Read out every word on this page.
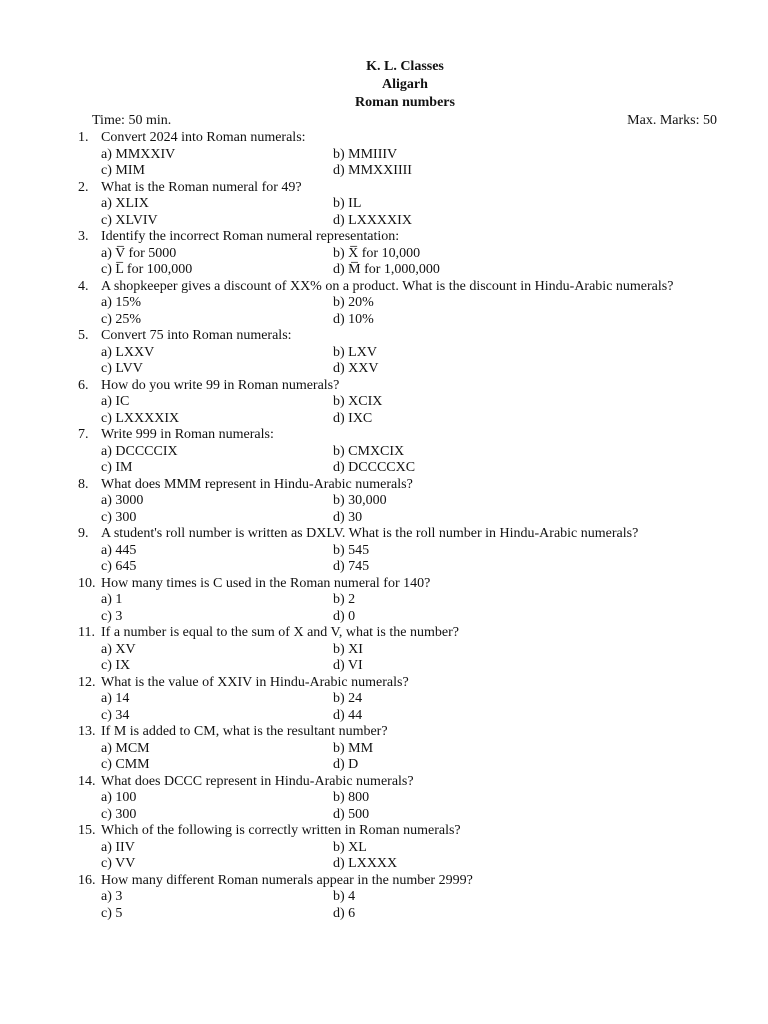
K. L. Classes
Aligarh
Roman numbers
Time: 50 min.	Max. Marks: 50
1. Convert 2024 into Roman numerals:
a) MMXXIV	b) MMIIIV
c) MIM	d) MMXXIIII
2. What is the Roman numeral for 49?
a) XLIX	b) IL
c) XLVIV	d) LXXXXIX
3. Identify the incorrect Roman numeral representation:
a) V̅ for 5000	b) X̅ for 10,000
c) L̅ for 100,000	d) M̅ for 1,000,000
4. A shopkeeper gives a discount of XX% on a product. What is the discount in Hindu-Arabic numerals?
a) 15%	b) 20%
c) 25%	d) 10%
5. Convert 75 into Roman numerals:
a) LXXV	b) LXV
c) LVV	d) XXV
6. How do you write 99 in Roman numerals?
a) IC	b) XCIX
c) LXXXXIX	d) IXC
7. Write 999 in Roman numerals:
a) DCCCCIX	b) CMXCIX
c) IM	d) DCCCCXC
8. What does MMM represent in Hindu-Arabic numerals?
a) 3000	b) 30,000
c) 300	d) 30
9. A student's roll number is written as DXLV. What is the roll number in Hindu-Arabic numerals?
a) 445	b) 545
c) 645	d) 745
10. How many times is C used in the Roman numeral for 140?
a) 1	b) 2
c) 3	d) 0
11. If a number is equal to the sum of X and V, what is the number?
a) XV	b) XI
c) IX	d) VI
12. What is the value of XXIV in Hindu-Arabic numerals?
a) 14	b) 24
c) 34	d) 44
13. If M is added to CM, what is the resultant number?
a) MCM	b) MM
c) CMM	d) D
14. What does DCCC represent in Hindu-Arabic numerals?
a) 100	b) 800
c) 300	d) 500
15. Which of the following is correctly written in Roman numerals?
a) IIV	b) XL
c) VV	d) LXXXX
16. How many different Roman numerals appear in the number 2999?
a) 3	b) 4
c) 5	d) 6
